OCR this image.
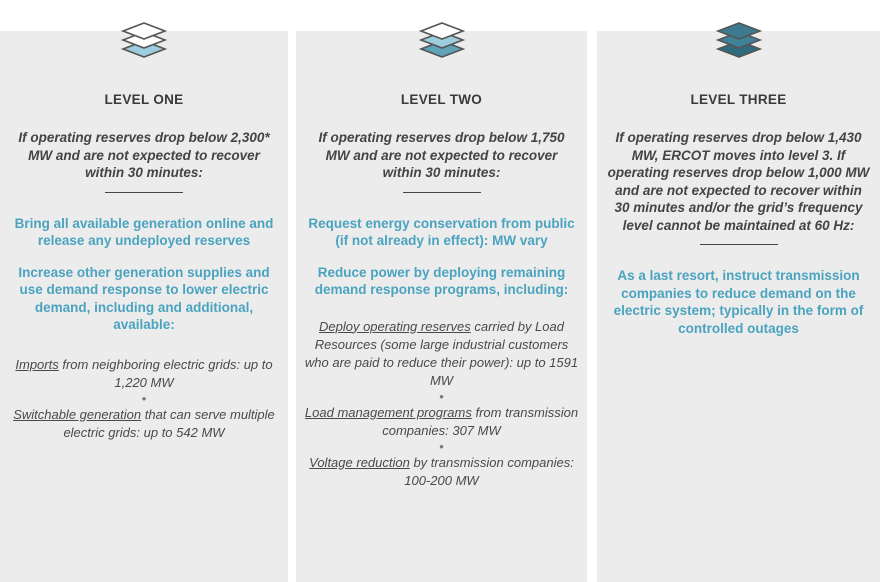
LEVEL ONE
If operating reserves drop below 2,300* MW and are not expected to recover within 30 minutes:
Bring all available generation online and release any undeployed reserves
Increase other generation supplies and use demand response to lower electric demand, including and additional, available:
Imports from neighboring electric grids: up to 1,220 MW
•
Switchable generation that can serve multiple electric grids: up to 542 MW
LEVEL TWO
If operating reserves drop below 1,750 MW and are not expected to recover within 30 minutes:
Request energy conservation from public (if not already in effect): MW vary
Reduce power by deploying remaining demand response programs, including:
Deploy operating reserves carried by Load Resources (some large industrial customers who are paid to reduce their power): up to 1591 MW
•
Load management programs from transmission companies: 307 MW
•
Voltage reduction by transmission companies: 100-200 MW
LEVEL THREE
If operating reserves drop below 1,430 MW, ERCOT moves into level 3. If operating reserves drop below 1,000 MW and are not expected to recover within 30 minutes and/or the grid’s frequency level cannot be maintained at 60 Hz:
As a last resort, instruct transmission companies to reduce demand on the electric system; typically in the form of controlled outages
